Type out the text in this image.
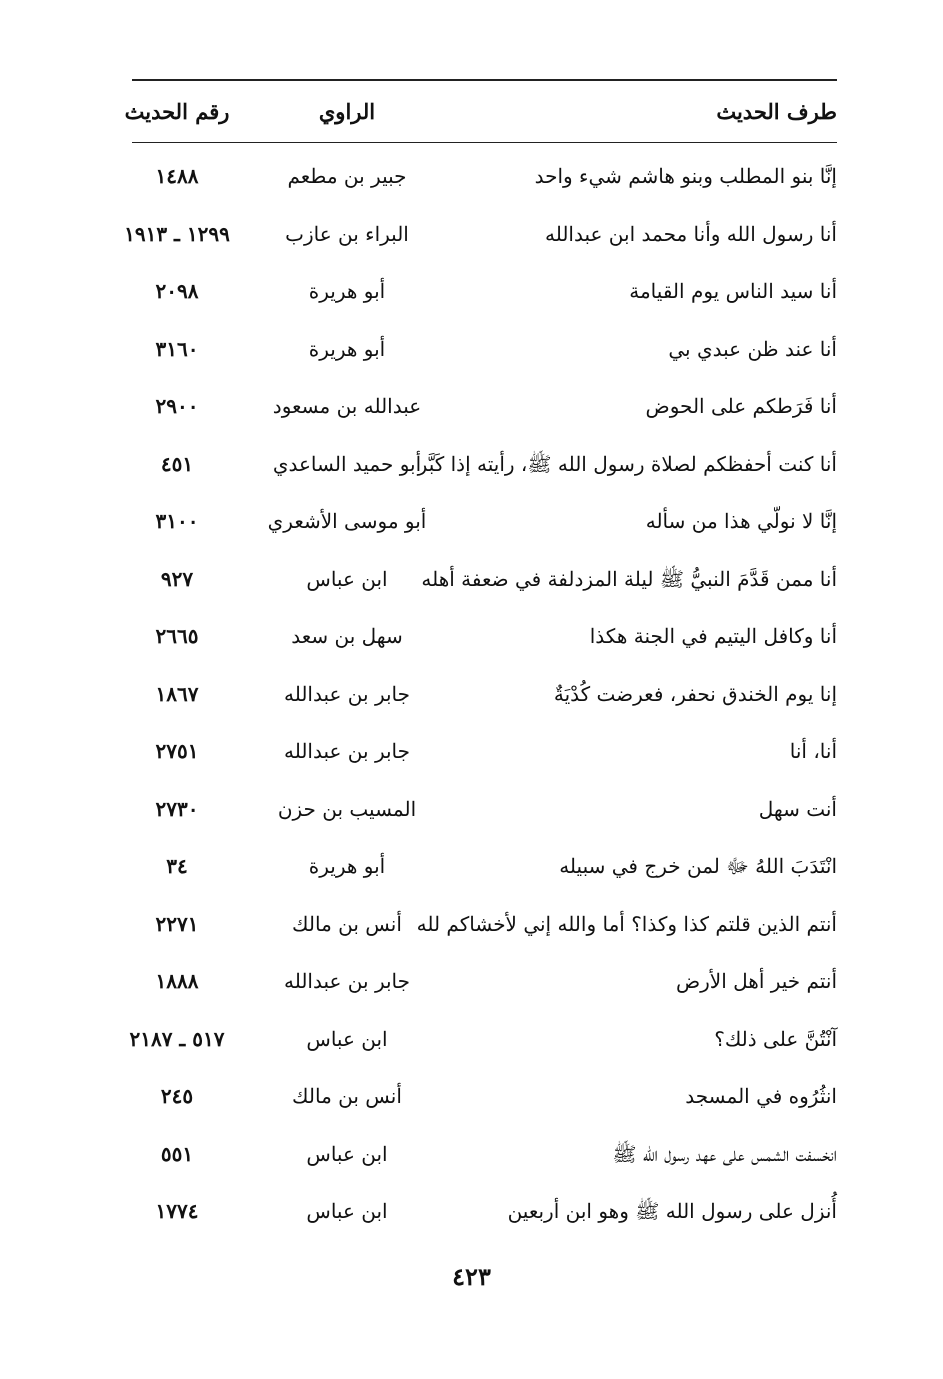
طرف الحديث
الراوي
رقم الحديث
إنَّا بنو المطلب وبنو هاشم شيء واحد
جبير بن مطعم
١٤٨٨
أنا رسول الله وأنا محمد ابن عبدالله
البراء بن عازب
١٢٩٩ ـ ١٩١٣
أنا سيد الناس يوم القيامة
أبو هريرة
٢٠٩٨
أنا عند ظن عبدي بي
أبو هريرة
٣١٦٠
أنا فَرَطكم على الحوض
عبدالله بن مسعود
٢٩٠٠
أنا كنت أحفظكم لصلاة رسول الله ﷺ، رأيته إذا كَبَّر
أبو حميد الساعدي
٤٥١
إنَّا لا نولّي هذا من سأله
أبو موسى الأشعري
٣١٠٠
أنا ممن قَدَّمَ النبيُّ ﷺ ليلة المزدلفة في ضعفة أهله
ابن عباس
٩٢٧
أنا وكافل اليتيم في الجنة هكذا
سهل بن سعد
٢٦٦٥
إنا يوم الخندق نحفر، فعرضت كُدْيَةٌ
جابر بن عبدالله
١٨٦٧
أنا، أنا
جابر بن عبدالله
٢٧٥١
أنت سهل
المسيب بن حزن
٢٧٣٠
انْتَدَبَ اللهُ ﷻ لمن خرج في سبيله
أبو هريرة
٣٤
أنتم الذين قلتم كذا وكذا؟ أما والله إني لأخشاكم لله
أنس بن مالك
٢٢٧١
أنتم خير أهل الأرض
جابر بن عبدالله
١٨٨٨
آنْتُنَّ على ذلك؟
ابن عباس
٥١٧ ـ ٢١٨٧
انثُرُوه في المسجد
أنس بن مالك
٢٤٥
انخسفت الشمس على عهد رسول الله ﷺ
ابن عباس
٥٥١
أُنزل على رسول الله ﷺ وهو ابن أربعين
ابن عباس
١٧٧٤
٤٢٣
